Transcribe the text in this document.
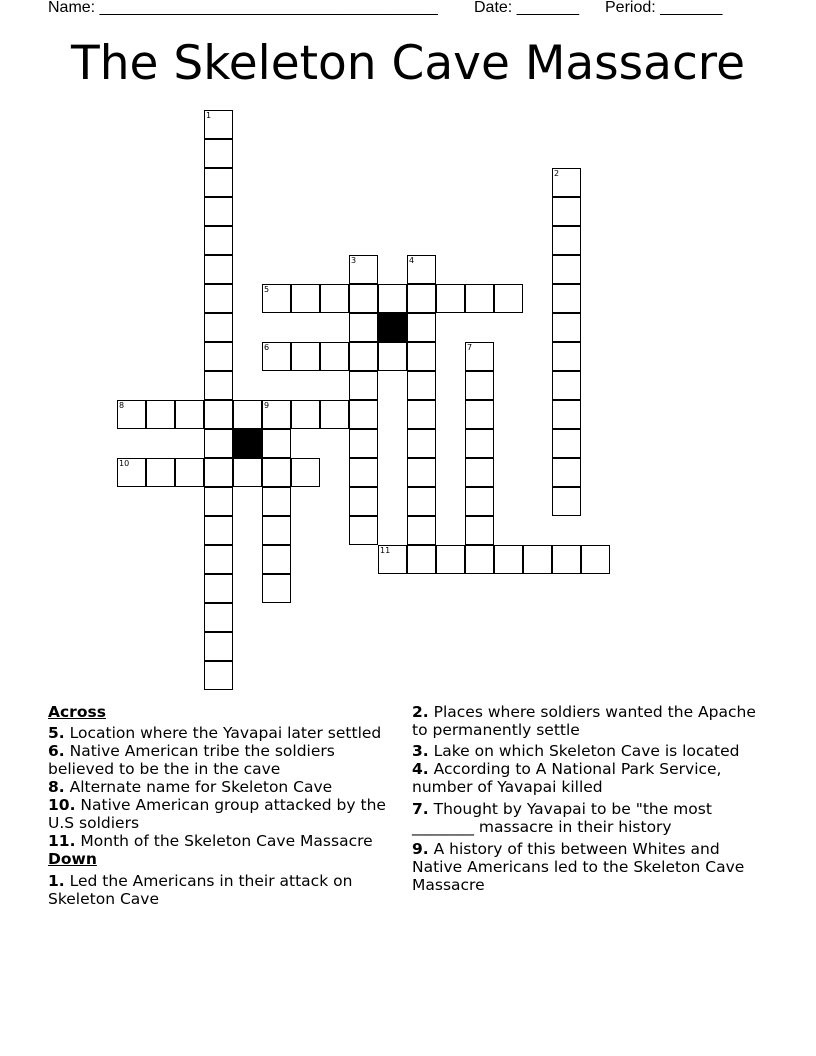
Name: ______________________________________ Date: _______ Period: _______
The Skeleton Cave Massacre
1
2
3	4
5
6	7
8	9
10
11
Across
5. Location where the Yavapai later settled
6. Native American tribe the soldiers believed to be the in the cave
8. Alternate name for Skeleton Cave
10. Native American group attacked by the U.S soldiers
11. Month of the Skeleton Cave Massacre
Down
1. Led the Americans in their attack on Skeleton Cave
2. Places where soldiers wanted the Apache to permanently settle
3. Lake on which Skeleton Cave is located
4. According to A National Park Service, number of Yavapai killed
7. Thought by Yavapai to be "the most ________ massacre in their history
9. A history of this between Whites and Native Americans led to the Skeleton Cave Massacre
